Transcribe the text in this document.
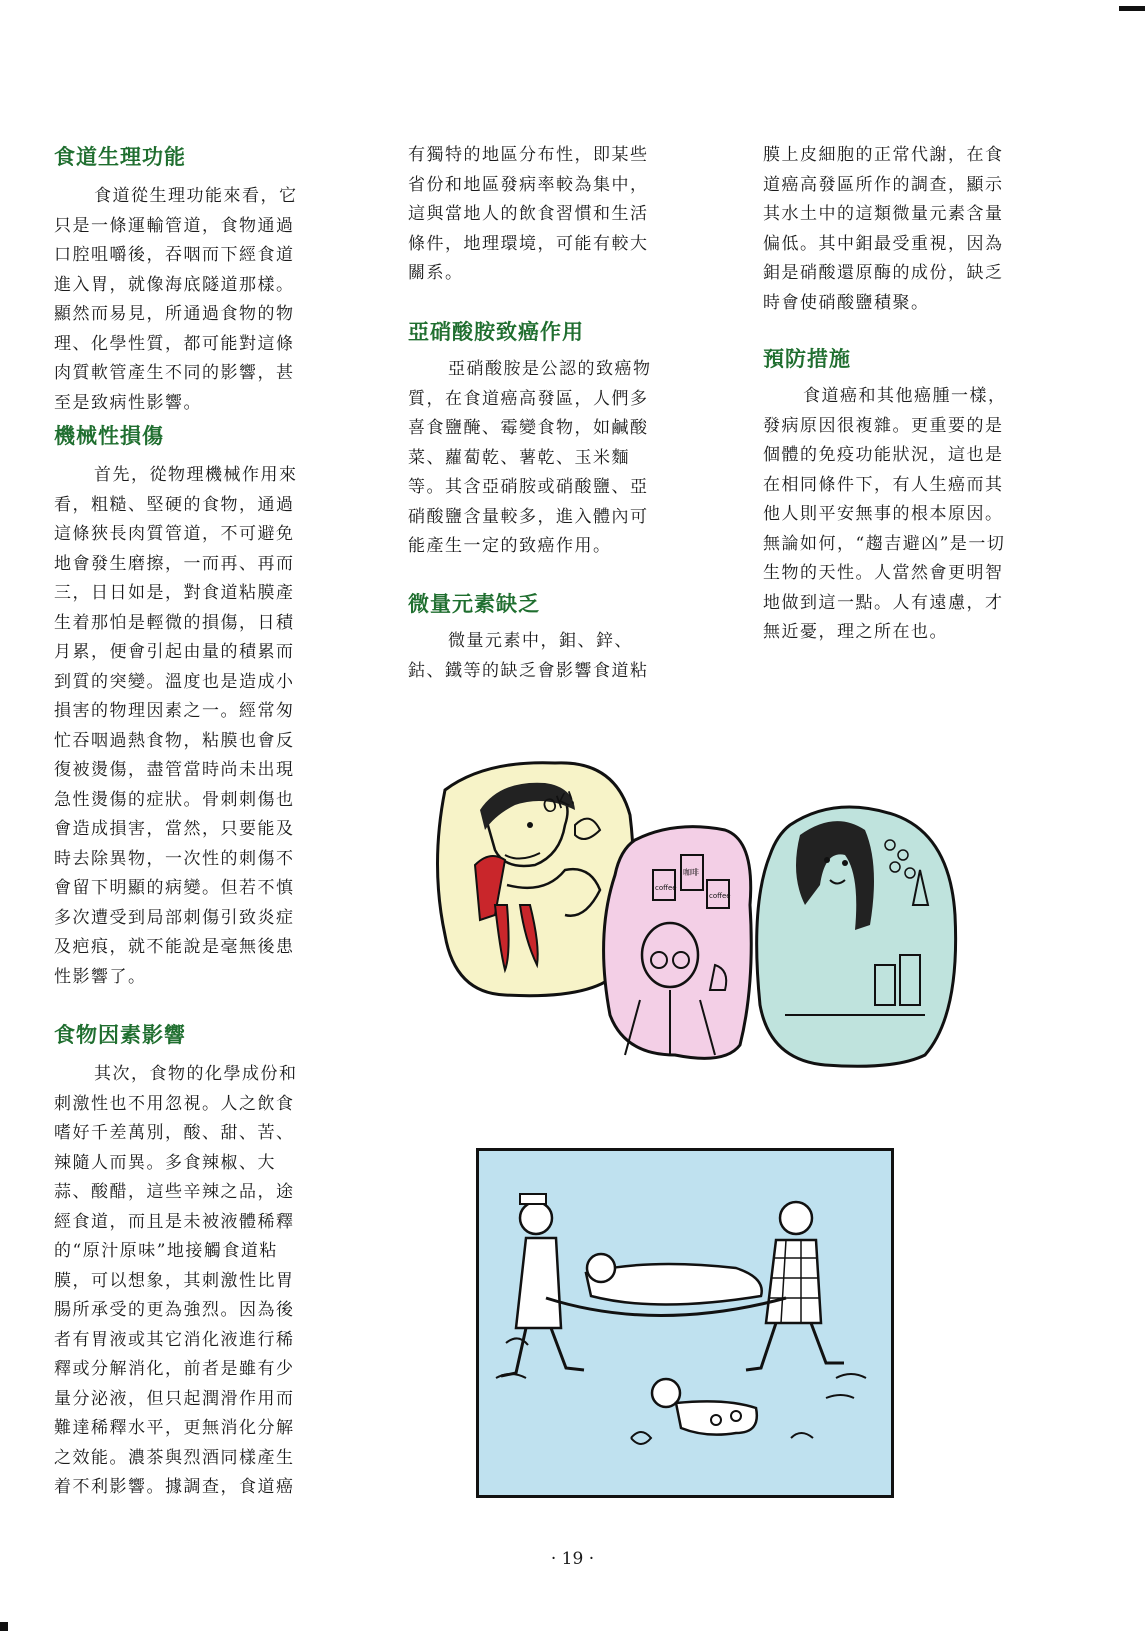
食道生理功能
食道從生理功能來看，它
只是一條運輸管道，食物通過
口腔咀嚼後，吞咽而下經食道
進入胃，就像海底隧道那樣。
顯然而易見，所通過食物的物
理、化學性質，都可能對這條
肉質軟管產生不同的影響，甚
至是致病性影響。
機械性損傷
首先，從物理機械作用來
看，粗糙、堅硬的食物，通過
這條狹長肉質管道，不可避免
地會發生磨擦，一而再、再而
三，日日如是，對食道粘膜產
生着那怕是輕微的損傷，日積
月累，便會引起由量的積累而
到質的突變。溫度也是造成小
損害的物理因素之一。經常匆
忙吞咽過熱食物，粘膜也會反
復被燙傷，盡管當時尚未出現
急性燙傷的症狀。骨刺刺傷也
會造成損害，當然，只要能及
時去除異物，一次性的刺傷不
會留下明顯的病變。但若不慎
多次遭受到局部刺傷引致炎症
及疤痕，就不能說是毫無後患
性影響了。
食物因素影響
其次，食物的化學成份和
刺激性也不用忽視。人之飲食
嗜好千差萬別，酸、甜、苦、
辣隨人而異。多食辣椒、大
蒜、酸醋，這些辛辣之品，途
經食道，而且是未被液體稀釋
的“原汁原味”地接觸食道粘
膜，可以想象，其刺激性比胃
腸所承受的更為強烈。因為後
者有胃液或其它消化液進行稀
釋或分解消化，前者是雖有少
量分泌液，但只起潤滑作用而
難達稀釋水平，更無消化分解
之效能。濃茶與烈酒同樣產生
着不利影響。據調查，食道癌
有獨特的地區分布性，即某些
省份和地區發病率較為集中，
這與當地人的飲食習慣和生活
條件，地理環境，可能有較大
關系。
亞硝酸胺致癌作用
亞硝酸胺是公認的致癌物
質，在食道癌高發區，人們多
喜食鹽醃、霉變食物，如鹹酸
菜、蘿蔔乾、薯乾、玉米麵
等。其含亞硝胺或硝酸鹽、亞
硝酸鹽含量較多，進入體內可
能產生一定的致癌作用。
微量元素缺乏
微量元素中，鉬、鋅、
鈷、鐵等的缺乏會影響食道粘
膜上皮細胞的正常代謝，在食
道癌高發區所作的調查，顯示
其水土中的這類微量元素含量
偏低。其中鉬最受重視，因為
鉬是硝酸還原酶的成份，缺乏
時會使硝酸鹽積聚。
預防措施
食道癌和其他癌腫一樣，
發病原因很複雜。更重要的是
個體的免疫功能狀況，這也是
在相同條件下，有人生癌而其
他人則平安無事的根本原因。
無論如何，“趨吉避凶”是一切
生物的天性。人當然會更明智
地做到這一點。人有遠慮，才
無近憂，理之所在也。
OK!
coffee
咖啡
coffee
· 19 ·
